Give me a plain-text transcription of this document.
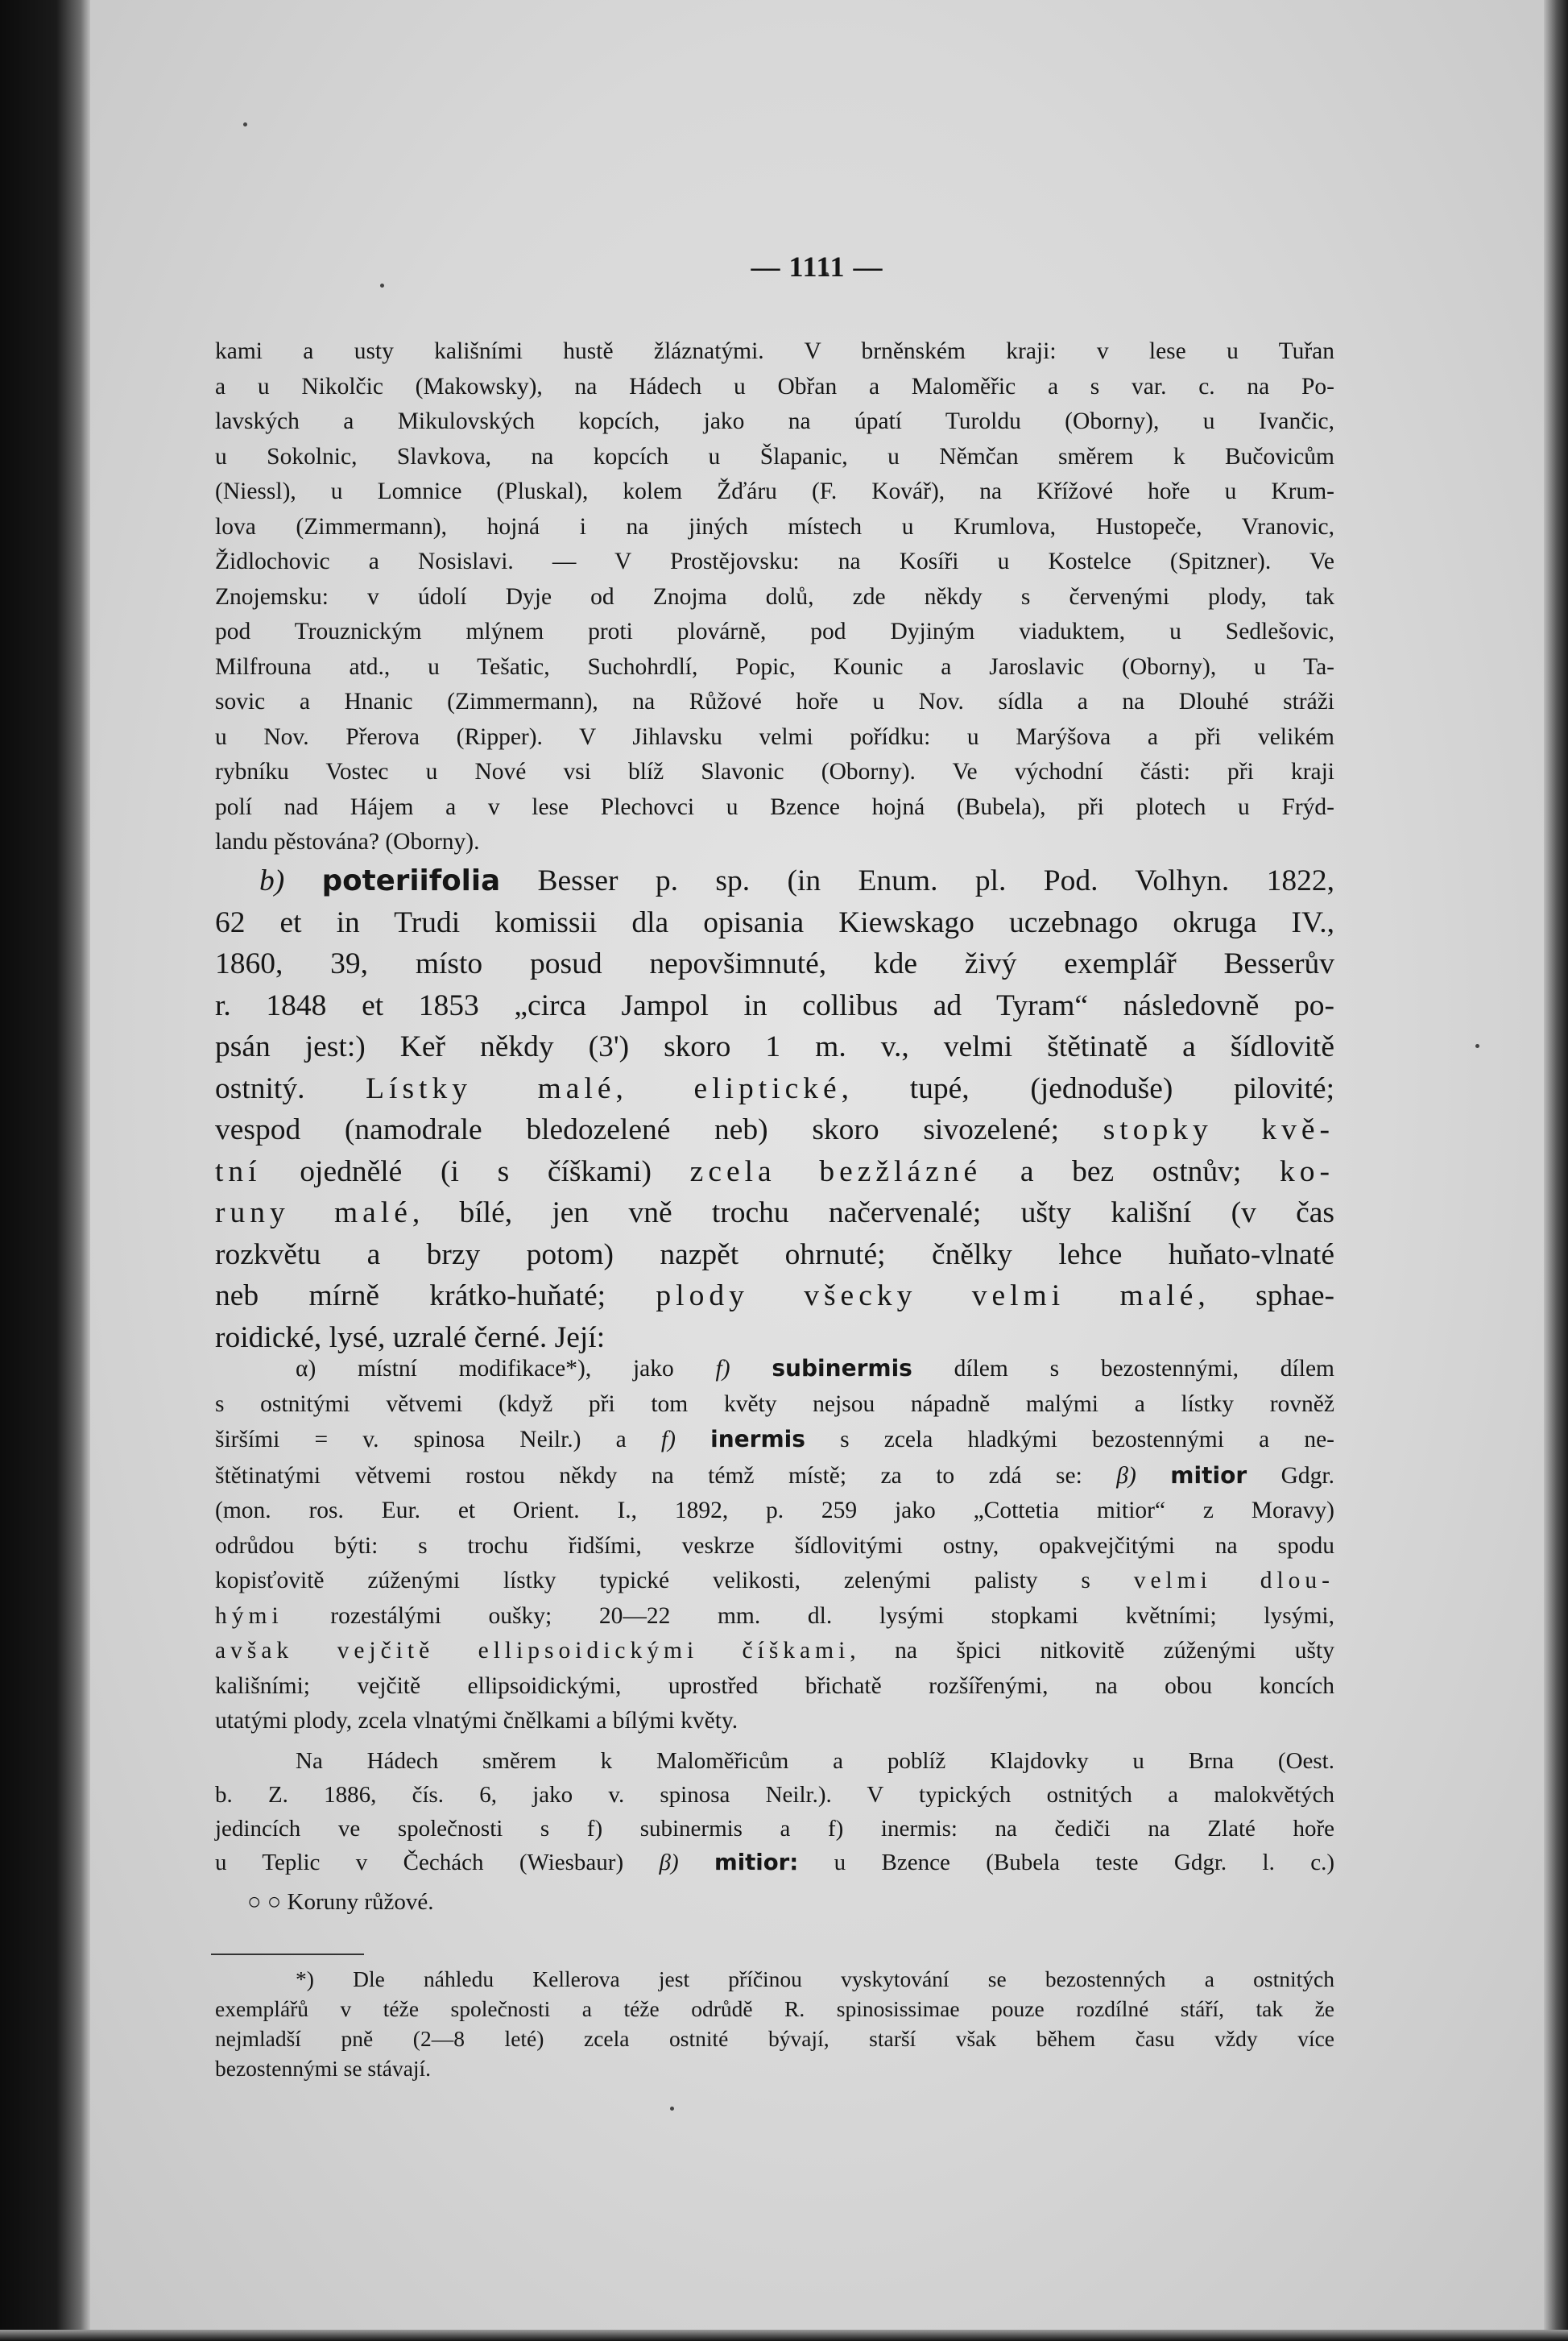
— 1111 —
kami a usty kališními hustě žláznatými. V brněnském kraji: v lese u Tuřan
a u Nikolčic (Makowsky), na Hádech u Obřan a Maloměřic a s var. c. na Po-
lavských a Mikulovských kopcích, jako na úpatí Turoldu (Oborny), u Ivančic,
u Sokolnic, Slavkova, na kopcích u Šlapanic, u Němčan směrem k Bučovicům
(Niessl), u Lomnice (Pluskal), kolem Žďáru (F. Kovář), na Křížové hoře u Krum-
lova (Zimmermann), hojná i na jiných místech u Krumlova, Hustopeče, Vranovic,
Židlochovic a Nosislavi. — V Prostějovsku: na Kosíři u Kostelce (Spitzner). Ve
Znojemsku: v údolí Dyje od Znojma dolů, zde někdy s červenými plody, tak
pod Trouznickým mlýnem proti plovárně, pod Dyjiným viaduktem, u Sedlešovic,
Milfrouna atd., u Tešatic, Suchohrdlí, Popic, Kounic a Jaroslavic (Oborny), u Ta-
sovic a Hnanic (Zimmermann), na Růžové hoře u Nov. sídla a na Dlouhé stráži
u Nov. Přerova (Ripper). V Jihlavsku velmi pořídku: u Marýšova a při velikém
rybníku Vostec u Nové vsi blíž Slavonic (Oborny). Ve východní části: při kraji
polí nad Hájem a v lese Plechovci u Bzence hojná (Bubela), při plotech u Frýd-
landu pěstována? (Oborny).
b) poteriifolia Besser p. sp. (in Enum. pl. Pod. Volhyn. 1822,
62 et in Trudi komissii dla opisania Kiewskago uczebnago okruga IV.,
1860, 39, místo posud nepovšimnuté, kde živý exemplář Besserův
r. 1848 et 1853 „circa Jampol in collibus ad Tyram“ následovně po-
psán jest:) Keř někdy (3') skoro 1 m. v., velmi štětinatě a šídlovitě
ostnitý. Lístky malé, eliptické, tupé, (jednoduše) pilovité;
vespod (namodrale bledozelené neb) skoro sivozelené; stopky kvě-
tní ojednělé (i s číškami) zcela bezžlázné a bez ostnův; ko-
runy malé, bílé, jen vně trochu načervenalé; ušty kališní (v čas
rozkvětu a brzy potom) nazpět ohrnuté; čnělky lehce huňato-vlnaté
neb mírně krátko-huňaté; plody všecky velmi malé, sphae-
roidické, lysé, uzralé černé. Její:
α) místní modifikace*), jako f) subinermis dílem s bezostennými, dílem
s ostnitými větvemi (když při tom květy nejsou nápadně malými a lístky rovněž
širšími = v. spinosa Neilr.) a f) inermis s zcela hladkými bezostennými a ne-
štětinatými větvemi rostou někdy na témž místě; za to zdá se: β) mitior Gdgr.
(mon. ros. Eur. et Orient. I., 1892, p. 259 jako „Cottetia mitior“ z Moravy)
odrůdou býti: s trochu řidšími, veskrze šídlovitými ostny, opakvejčitými na spodu
kopisťovitě zúženými lístky typické velikosti, zelenými palisty s velmi dlou-
hými rozestálými oušky; 20—22 mm. dl. lysými stopkami květními; lysými,
avšak vejčitě ellipsoidickými číškami, na špici nitkovitě zúženými ušty
kališními; vejčitě ellipsoidickými, uprostřed břichatě rozšířenými, na obou koncích
utatými plody, zcela vlnatými čnělkami a bílými květy.
Na Hádech směrem k Maloměřicům a poblíž Klajdovky u Brna (Oest.
b. Z. 1886, čís. 6, jako v. spinosa Neilr.). V typických ostnitých a malokvětých
jedincích ve společnosti s f) subinermis a f) inermis: na čediči na Zlaté hoře
u Teplic v Čechách (Wiesbaur) β) mitior: u Bzence (Bubela teste Gdgr. l. c.)
○ ○ Koruny růžové.
*) Dle náhledu Kellerova jest příčinou vyskytování se bezostenných a ostnitých
exemplářů v téže společnosti a téže odrůdě R. spinosissimae pouze rozdílné stáří, tak že
nejmladší pně (2—8 leté) zcela ostnité bývají, starší však během času vždy více
bezostennými se stávají.
